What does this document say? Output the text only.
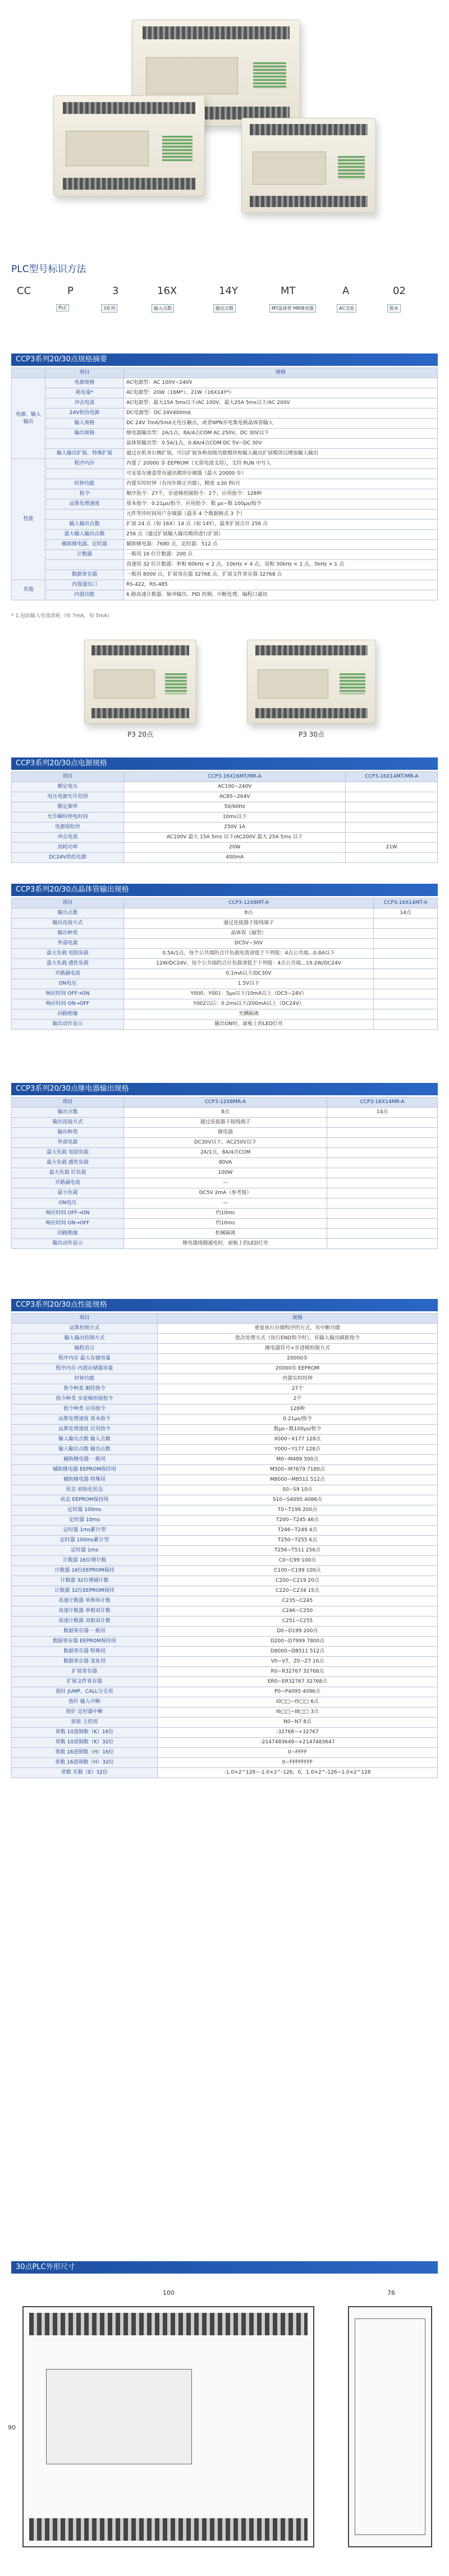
PLC型号标识方法
CC	P	3	16X	14Y	MT	A	02
PLC	3系列	输入点数	输出点数	MT晶体管 MR继电器	AC交流	版本
CCP3系列20/30点规格摘要
	项目	规格
电源、输入输出	电源规格	AC电源型：AC 100V~240V
	耗电量*	AC电源型：20W（16M*），21W（16X14Y*）
	冲击电流	AC电源型：最大15A 5ms以下/AC 100V，最大25A 5ms以下/AC 200V
	24V供给电源	DC电源型：DC 24V400mA
	输入规格	DC 24V 7mA/5mA无电压触点，或者NPN开电集电极晶体管输入
	输出规格	继电器输出型：2A/1点，8A/4点COM AC 250V，DC 30V以下
		晶体管输出型：0.5A/1点，0.8A/4点COM DC 5V~DC 30V
	输入输出扩展、特殊扩展	通过在机身右侧扩展，可以扩展各种高级功能模块和输入输出扩展模块以增加输入输出
性能	程序内存	内置了 20000 步 EEPROM（无需电池支持），支持 RUN 中写入
		可安装存储盒带有通讯模块存储器（最大 20000 步）
	时钟功能	内置实时时钟（有闰年修正功能），精度 ±30 秒/月
	指令	顺序指令：27个，步进梯形图指令：2个，应用指令：128种
	运算处理速度	基本指令：0.21μs/指令，应用指令：数 μs~数 100μs/指令
		元件等待时间用户存储器（最多 4 个数据格式 3 个）
	输入输出点数	扩展 24 点（如 16X）14 点（如 14Y），最多扩展合计 256 点
	最大输入输出点数	256 点（通过扩展输入输出模块进行扩展）
	辅助继电器、定时器	辅助继电器：7680 点，定时器：512 点
	计数器	一般用 16 位计数器：200 点
		高速用 32 位计数器：单相 60kHz × 2 点，10kHz × 4 点，双相 30kHz × 1 点，5kHz × 1 点
	数据寄存器	一般用 8000 点，扩展寄存器 32768 点，扩展文件寄存器 32768 点
其他	内置通讯口	RS-422，RS-485
	内置功能	6 路高速计数器、脉冲输出、PID 控制、中断处理、编程口通讯
* 1.包括输入电流消耗（每 7mA，每 5mA）
P3 20点	P3 30点
CCP3系列20/30点电源规格
项目	CCP3-16X16MT/MR-A	CCP3-16X14MT/MR-A
额定电压	AC100~240V	
电压电源允许范围	AC85~264V	
额定频率	50/60Hz	
允许瞬时停电时间	10ms以下	
电源保险丝	250V 1A	
冲击电流	AC100V 最大 15A 5ms 以下/AC200V 最大 25A 5ms 以下	
消耗功率	20W	21W
DC24V供给电源	400mA	
CCP3系列20/30点晶体管输出规格
项目	CCP3-12X8MT-A	CCP3-16X14MT-A
输出点数	8点	14点
输出连接方式	通过连接器子接线端子	
输出种类	晶体管（漏型）	
外部电源	DC5V~30V	
最大负载 电阻负载	0.5A/1点，每个公共端的合计负载电流请低于下列值：4点公共端…0.8A以下	
最大负载 感性负载	12W/DC24V，每个公共端的合计负载请低于下列值：4点公共端…19.2W/DC24V	
开路漏电流	0.1mA以下/DC30V	
ON电压	1.5V以下	
响应时间 OFF→ON	Y000、Y001：5μs以下/10mA以上（DC5~24V）	
响应时间 ON→OFF	Y002以后：0.2ms以下/200mA以上（DC24V）	
回路绝缘	光耦隔离	
输出动作显示	输出ON时，面板上的LED灯亮	
CCP3系列20/30点继电器输出规格
项目	CCP3-12X8MR-A	CCP3-16X14MR-A
输出点数	8点	14点
输出连接方式	通过连接器子接线端子	
输出种类	继电器	
外部电源	DC30V以下，AC250V以下	
最大负载 电阻负载	2A/1点，8A/4点COM	
最大负载 感性负载	80VA	
最大负载 灯负载	100W	
开路漏电流	—	
最小负载	DC5V 2mA（参考值）	
ON电压	—	
响应时间 OFF→ON	约10ms	
响应时间 ON→OFF	约10ms	
回路绝缘	机械隔离	
输出动作显示	继电器线圈通电时，面板上的LED灯亮	
CCP3系列20/30点性能规格
项目	规格
运算控制方式	重复执行存储程序的方式，有中断功能
输入输出控制方式	批次处理方式（执行END指令时），有输入输出刷新指令
编程语言	继电器符号+步进梯形图方式
程序内存 最大存储容量	20000步
程序内存 内置存储器容量	20000步 EEPROM
时钟功能	内置实时时钟
指令种类 顺控指令	27个
指令种类 步进梯形图指令	2个
指令种类 应用指令	128种
运算处理速度 基本指令	0.21μs/指令
运算处理速度 应用指令	数μs~数100μs/指令
输入输出点数 输入点数	X000~X177 128点
输入输出点数 输出点数	Y000~Y177 128点
辅助继电器 一般用	M0~M499 500点
辅助继电器 EEPROM保持用	M500~M7679 7180点
辅助继电器 特殊用	M8000~M8511 512点
状态 初始化状态	S0~S9 10点
状态 EEPROM保持用	S10~S4095 4086点
定时器 100ms	T0~T199 200点
定时器 10ms	T200~T245 46点
定时器 1ms累计型	T246~T249 4点
定时器 100ms累计型	T250~T255 6点
定时器 1ms	T256~T511 256点
计数器 16位增计数	C0~C99 100点
计数器 16位EEPROM保持	C100~C199 100点
计数器 32位增减计数	C200~C219 20点
计数器 32位EEPROM保持	C220~C234 15点
高速计数器 单相单计数	C235~C245
高速计数器 单相双计数	C246~C250
高速计数器 双相双计数	C251~C255
数据寄存器 一般用	D0~D199 200点
数据寄存器 EEPROM保持用	D200~D7999 7800点
数据寄存器 特殊用	D8000~D8511 512点
数据寄存器 变址用	V0~V7，Z0~Z7 16点
扩展寄存器	R0~R32767 32768点
扩展文件寄存器	ER0~ER32767 32768点
指针 JUMP、CALL分支用	P0~P4095 4096点
指针 输入中断	I0□□~I5□□ 6点
指针 定时器中断	I6□□~I8□□ 3点
嵌套 主控用	N0~N7 8点
常数 10进制数（K）16位	-32768~+32767
常数 10进制数（K）32位	-2147483648~+2147483647
常数 16进制数（H）16位	0~FFFF
常数 16进制数（H）32位	0~FFFFFFFF
常数 实数（E）32位	-1.0×2^128~-1.0×2^-126，0，1.0×2^-126~1.0×2^128
30点PLC外形尺寸
100
90
76
